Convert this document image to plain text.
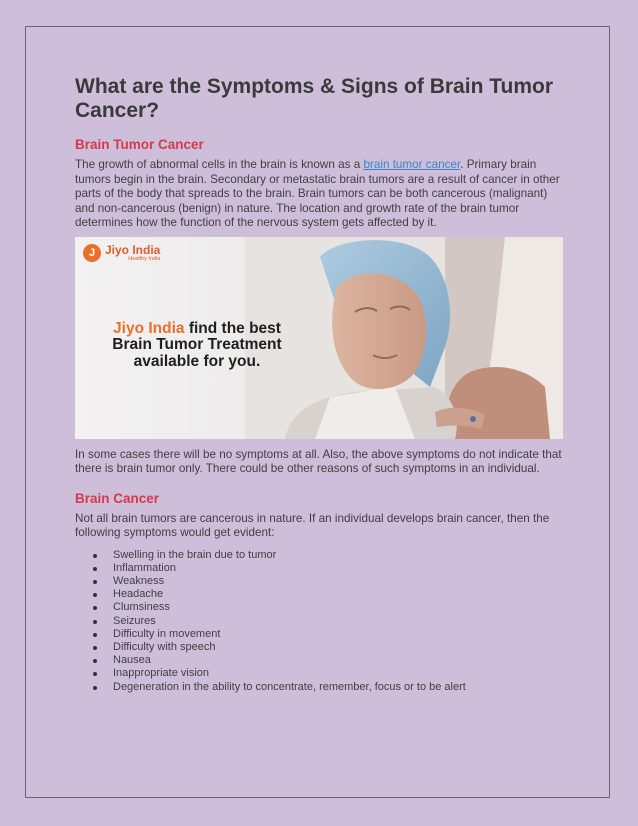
What are the Symptoms & Signs of Brain Tumor Cancer?
Brain Tumor Cancer

The growth of abnormal cells in the brain is known as a brain tumor cancer. Primary brain tumors begin in the brain. Secondary or metastatic brain tumors are a result of cancer in other parts of the body that spreads to the brain. Brain tumors can be both cancerous (malignant) and non-cancerous (benign) in nature. The location and growth rate of the brain tumor determines how the function of the nervous system gets affected by it.

J Jiyo India
Healthy India
Jiyo India find the best Brain Tumor Treatment available for you.

In some cases there will be no symptoms at all. Also, the above symptoms do not indicate that there is brain tumor only. There could be other reasons of such symptoms in an individual.

Brain Cancer

Not all brain tumors are cancerous in nature. If an individual develops brain cancer, then the following symptoms would get evident:

Swelling in the brain due to tumor
Inflammation
Weakness
Headache
Clumsiness
Seizures
Difficulty in movement
Difficulty with speech
Nausea
Inappropriate vision
Degeneration in the ability to concentrate, remember, focus or to be alert
